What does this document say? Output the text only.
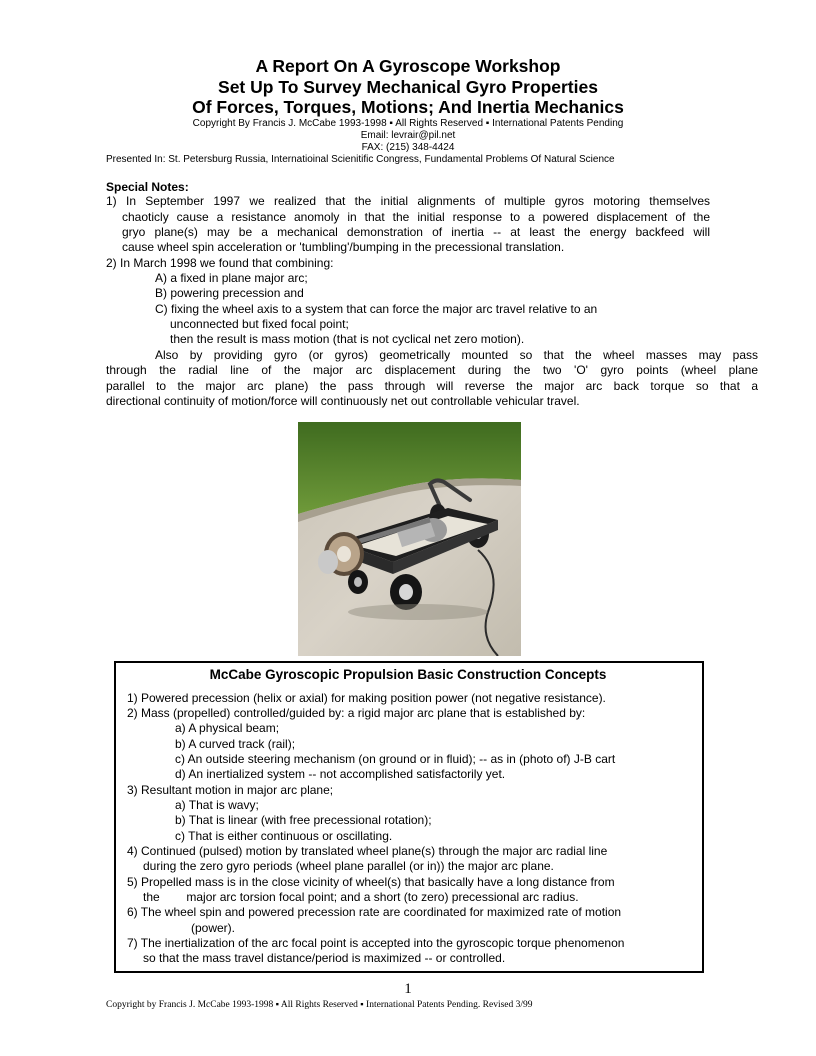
A Report On A Gyroscope Workshop
Set Up To Survey Mechanical Gyro Properties
Of Forces, Torques, Motions; And Inertia Mechanics
Copyright By Francis J. McCabe 1993-1998 ▪ All Rights Reserved ▪ International Patents Pending
Email: levrair@pil.net
FAX: (215) 348-4424
Presented In: St. Petersburg Russia, Internatioinal Scienitific Congress, Fundamental Problems Of Natural Science
Special Notes:
1) In September 1997 we realized that the initial alignments of multiple gyros motoring themselves
chaoticly cause a resistance anomoly in that the initial response to a powered displacement of the
gryo plane(s) may be a mechanical demonstration of inertia -- at least the energy backfeed will
cause wheel spin acceleration or 'tumbling'/bumping in the precessional translation.
2) In March 1998 we found that combining:
A) a fixed in plane major arc;
B) powering precession and
C) fixing the wheel axis to a system that can force the major arc travel relative to an
unconnected but fixed focal point;
then the result is mass motion (that is not cyclical net zero motion).
Also by providing gyro (or gyros) geometrically mounted so that the wheel masses may pass
through the radial line of the major arc displacement during the two 'O' gyro points (wheel plane
parallel to the major arc plane) the pass through will reverse the major arc back torque so that a
directional continuity of motion/force will continuously net out controllable vehicular travel.
McCabe Gyroscopic Propulsion Basic Construction Concepts
1) Powered precession (helix or axial) for making position power (not negative resistance).
2) Mass (propelled) controlled/guided by: a rigid major arc plane that is established by:
a) A physical beam;
b) A curved track (rail);
c) An outside steering mechanism (on ground or in fluid); -- as in (photo of) J-B cart
d) An inertialized system -- not accomplished satisfactorily yet.
3) Resultant motion in major arc plane;
a) That is wavy;
b) That is linear (with free precessional rotation);
c) That is either continuous or oscillating.
4) Continued (pulsed) motion by translated wheel plane(s) through the major arc radial line
during the zero gyro periods (wheel plane parallel (or in)) the major arc plane.
5) Propelled mass is in the close vicinity of wheel(s) that basically have a long distance from
the        major arc torsion focal point; and a short (to zero) precessional arc radius.
6) The wheel spin and powered precession rate are coordinated for maximized rate of motion
(power).
7) The inertialization of the arc focal point is accepted into the gyroscopic torque phenomenon
so that the mass travel distance/period is maximized -- or controlled.
1
Copyright by Francis J. McCabe 1993-1998 ▪ All Rights Reserved ▪ International Patents Pending. Revised 3/99
